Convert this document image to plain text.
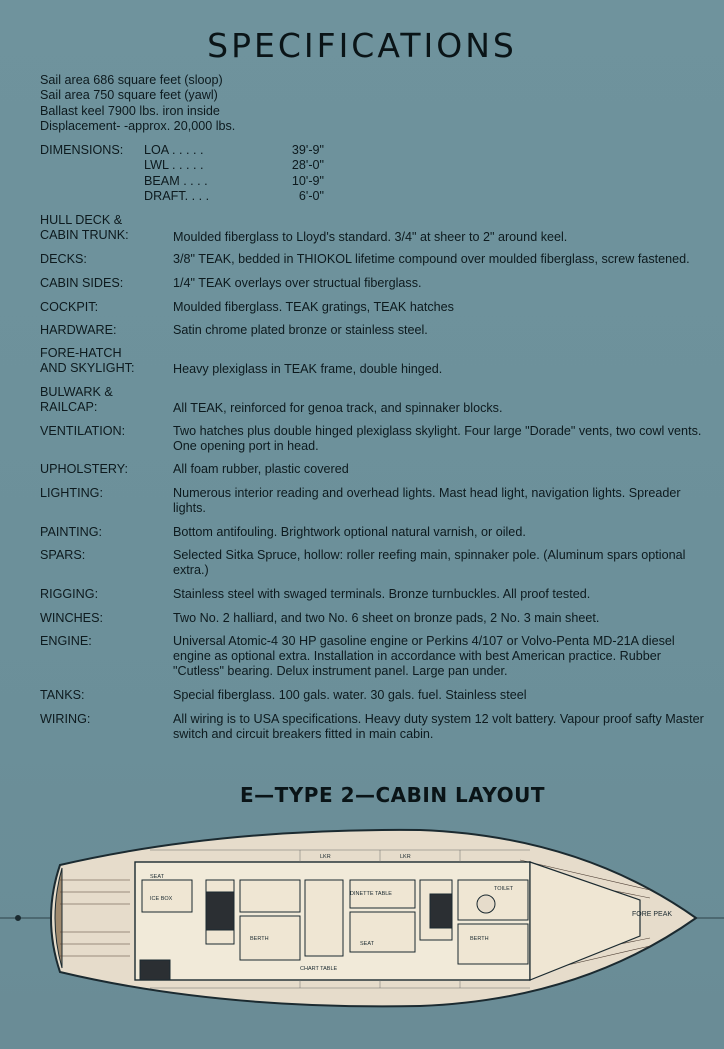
SPECIFICATIONS
Sail area 686 square feet (sloop)
Sail area 750 square feet (yawl)
Ballast keel 7900 lbs. iron inside
Displacement- -approx. 20,000 lbs.
DIMENSIONS: LOA . . . . .	39'-9"
LWL . . . . .	28'-0"
BEAM . . . .	10'-9"
DRAFT. . . .	6'-0"
HULL DECK &
CABIN TRUNK:	Moulded fiberglass to Lloyd's standard. 3/4" at sheer to 2" around keel.
DECKS:	3/8" TEAK, bedded in THIOKOL lifetime compound over moulded fiberglass, screw fastened.
CABIN SIDES:	1/4" TEAK overlays over structual fiberglass.
COCKPIT:	Moulded fiberglass. TEAK gratings, TEAK hatches
HARDWARE:	Satin chrome plated bronze or stainless steel.
FORE-HATCH
AND SKYLIGHT:	Heavy plexiglass in TEAK frame, double hinged.
BULWARK &
RAILCAP:	All TEAK, reinforced for genoa track, and spinnaker blocks.
VENTILATION:	Two hatches plus double hinged plexiglass skylight. Four large "Dorade" vents, two cowl vents. One opening port in head.
UPHOLSTERY:	All foam rubber, plastic covered
LIGHTING:	Numerous interior reading and overhead lights. Mast head light, navigation lights. Spreader lights.
PAINTING:	Bottom antifouling. Brightwork optional natural varnish, or oiled.
SPARS:	Selected Sitka Spruce, hollow: roller reefing main, spinnaker pole. (Aluminum spars optional extra.)
RIGGING:	Stainless steel with swaged terminals. Bronze turnbuckles. All proof tested.
WINCHES:	Two No. 2 halliard, and two No. 6 sheet on bronze pads, 2 No. 3 main sheet.
ENGINE:	Universal Atomic-4 30 HP gasoline engine or Perkins 4/107 or Volvo-Penta MD-21A diesel engine as optional extra. Installation in accordance with best American practice. Rubber "Cutless" bearing. Delux instrument panel. Large pan under.
TANKS:	Special fiberglass. 100 gals. water. 30 gals. fuel. Stainless steel
WIRING:	All wiring is to USA specifications. Heavy duty system 12 volt battery. Vapour proof safty Master switch and circuit breakers fitted in main cabin.
E—TYPE 2—CABIN LAYOUT
SEAT
DINETTE TABLE
SEAT
BERTH	BERTH
TOILET
CHART TABLE
ICE BOX
LKR	LKR
FORE PEAK
